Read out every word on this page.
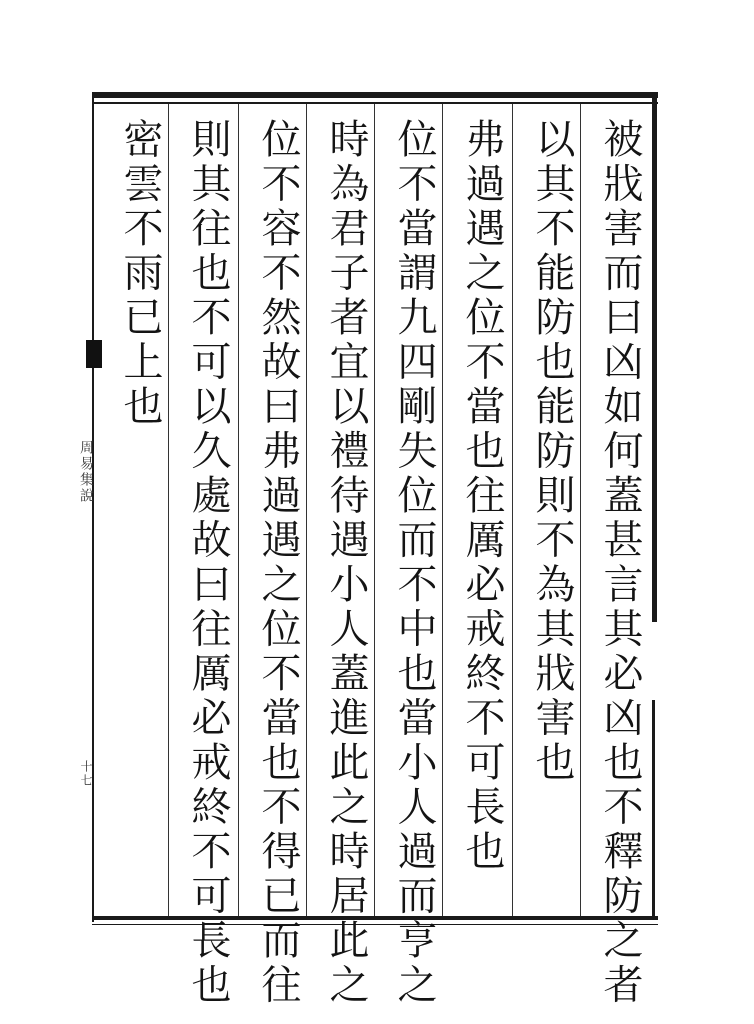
周易集說
十七	被戕害而曰凶如何蓋甚言其必凶也不釋防之者
以其不能防也能防則不為其戕害也
弗過遇之位不當也往厲必戒終不可長也
位不當謂九四剛失位而不中也當小人過而亨之
時為君子者宜以禮待遇小人蓋進此之時居此之
位不容不然故曰弗過遇之位不當也不得已而往
則其往也不可以久處故曰往厲必戒終不可長也
密雲不雨已上也
